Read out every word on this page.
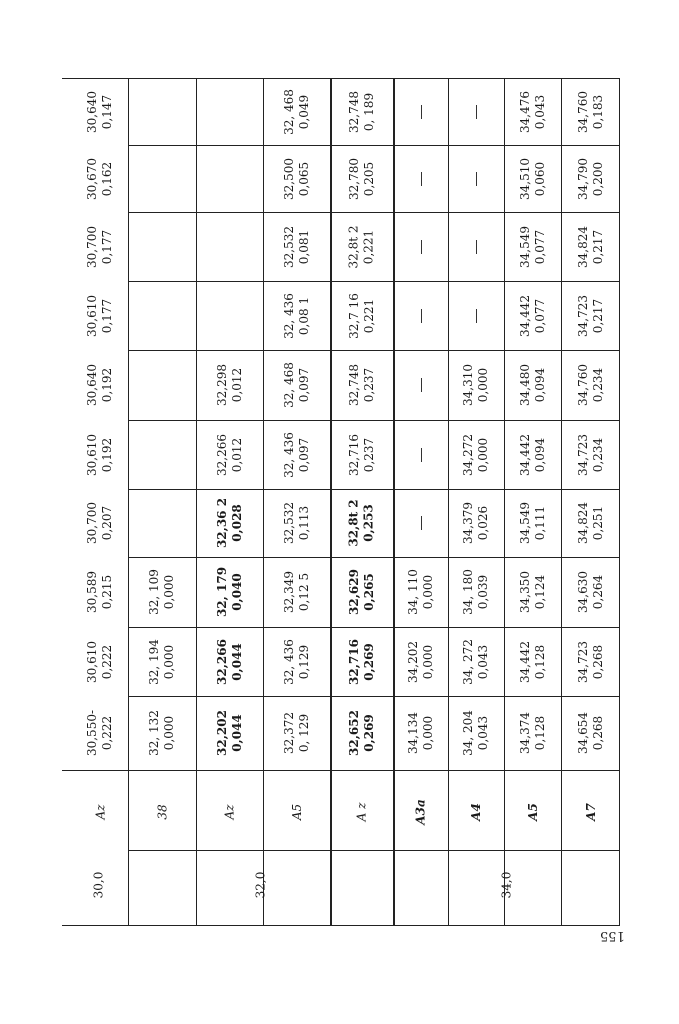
30,550- 0,222
30,610 0,222
30,589 0,215
30,700 0,207
30,610 0,192
30,640 0,192
30,610 0,177
30,700 0,177
30,670 0,162
30,640 0,147
30,0
Az	38
32, 132 0,000
32, 194 0,000
32, 109 0,000
Az
32,202 0,044
32,266 0,044
32, 179 0,040
32,36 2 0,028
32,266 0,012
32,298 0,012
A5
32,372 0, 129
32, 436 0,129
32,349 0,12 5
32,532 0,113
32, 436 0,097
32, 468 0,097
32, 436 0,08 1
32,532 0,081
32,500 0,065
32, 468 0,049
A z
32,652 0,269
32,716 0,269
32,629 0,265
32,8t 2 0,253
32,716 0,237
32,748 0,237
32,7 16 0,221
32,8t 2 0,221
32,780 0,205
32,748 0, 189
32,0
A3a
34,134 0,000
34,202 0,000
34, 110 0,000
A4
34, 204 0,043
34, 272 0,043
34, 180 0,039
34,379 0,026
34,272 0,000
34,310 0,000
A5
34,374 0,128
34,442 0,128
34,350 0,124
34,549 0,111
34,442 0,094
34,480 0,094
34,442 0,077
34,549 0,077
34,510 0,060
34,476 0,043
A7
34,654 0,268
34,723 0,268
34,630 0,264
34,824 0,251
34,723 0,234
34,760 0,234
34,723 0,217
34,824 0,217
34,790 0,200
34,760 0,183
34,0
155
